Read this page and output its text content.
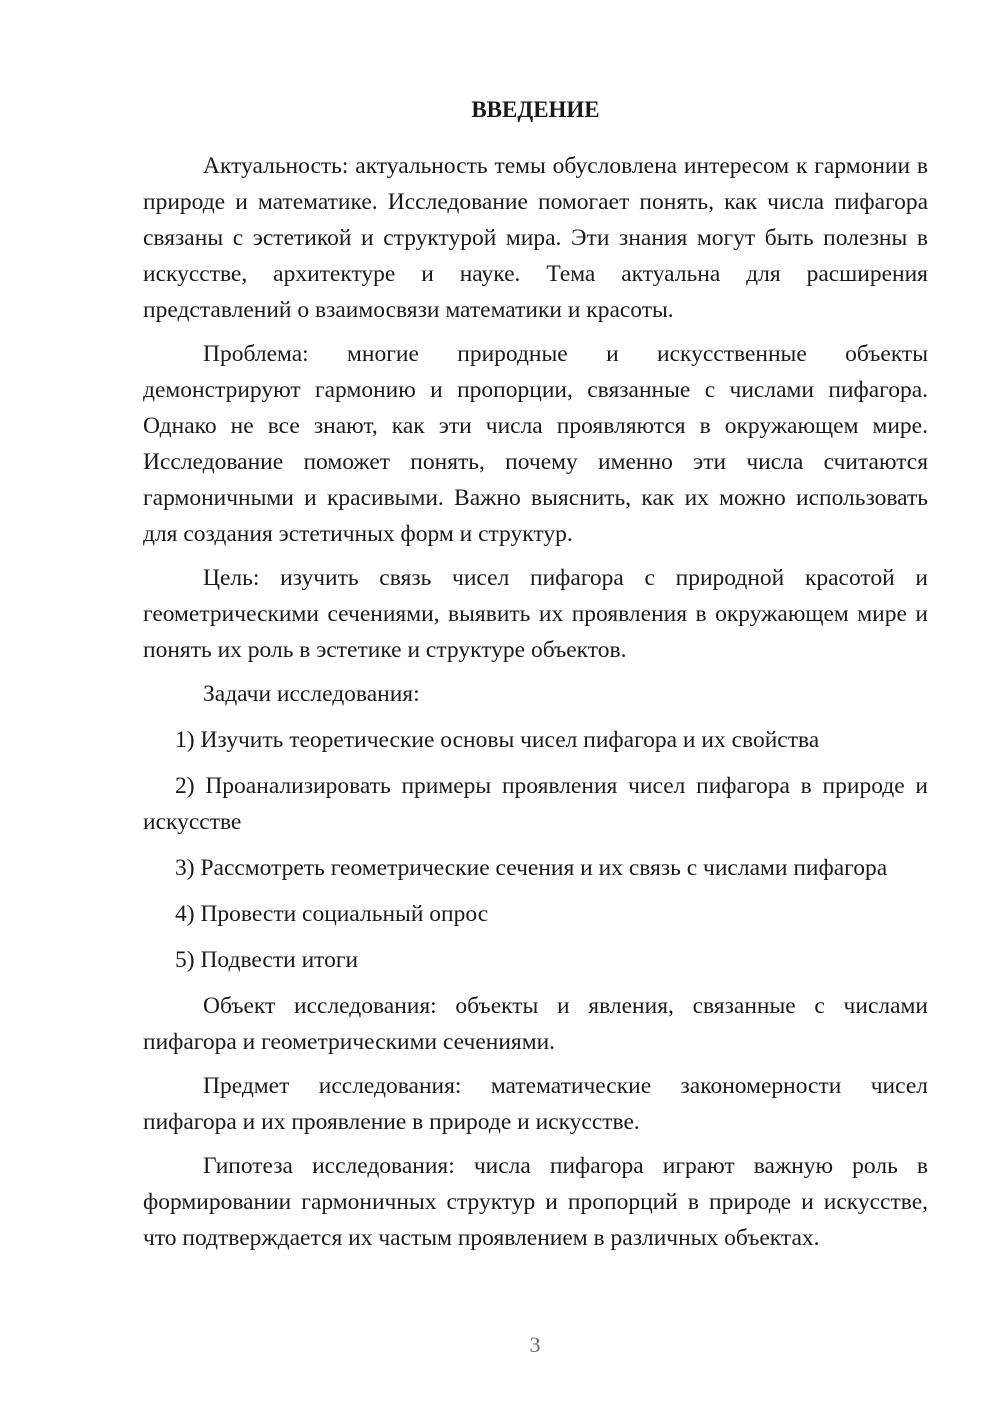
ВВЕДЕНИЕ

Актуальность: актуальность темы обусловлена интересом к гармонии в природе и математике. Исследование помогает понять, как числа пифагора связаны с эстетикой и структурой мира. Эти знания могут быть полезны в искусстве, архитектуре и науке. Тема актуальна для расширения представлений о взаимосвязи математики и красоты.

Проблема: многие природные и искусственные объекты демонстрируют гармонию и пропорции, связанные с числами пифагора. Однако не все знают, как эти числа проявляются в окружающем мире. Исследование поможет понять, почему именно эти числа считаются гармоничными и красивыми. Важно выяснить, как их можно использовать для создания эстетичных форм и структур.

Цель: изучить связь чисел пифагора с природной красотой и геометрическими сечениями, выявить их проявления в окружающем мире и понять их роль в эстетике и структуре объектов.

Задачи исследования:

1) Изучить теоретические основы чисел пифагора и их свойства

2) Проанализировать примеры проявления чисел пифагора в природе и искусстве

3) Рассмотреть геометрические сечения и их связь с числами пифагора

4) Провести социальный опрос

5) Подвести итоги

Объект исследования: объекты и явления, связанные с числами пифагора и геометрическими сечениями.

Предмет исследования: математические закономерности чисел пифагора и их проявление в природе и искусстве.

Гипотеза исследования: числа пифагора играют важную роль в формировании гармоничных структур и пропорций в природе и искусстве, что подтверждается их частым проявлением в различных объектах.

3
